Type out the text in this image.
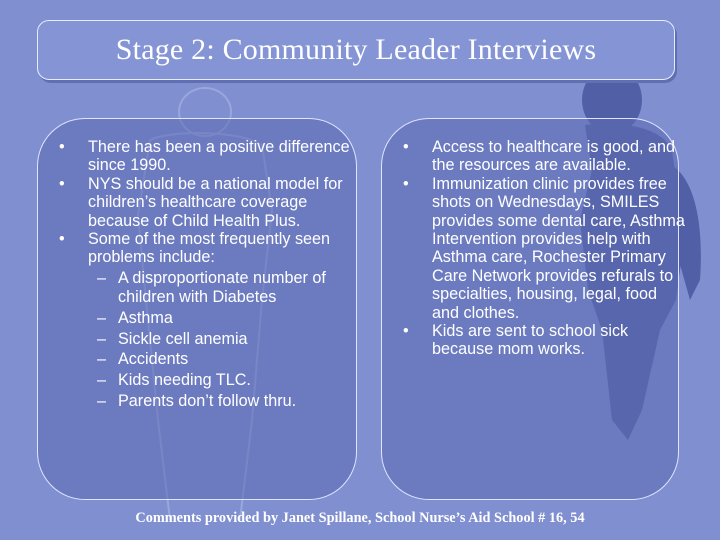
Stage 2: Community Leader Interviews
• There has been a positive difference since 1990.
• NYS should be a national model for children’s healthcare coverage because of Child Health Plus.
• Some of the most frequently seen problems include:
– A disproportionate number of children with Diabetes
– Asthma
– Sickle cell anemia
– Accidents
– Kids needing TLC.
– Parents don’t follow thru.
• Access to healthcare is good, and the resources are available.
• Immunization clinic provides free shots on Wednesdays, SMILES provides some dental care, Asthma Intervention provides help with Asthma care, Rochester Primary Care Network provides refurals to specialties, housing, legal, food and clothes.
• Kids are sent to school sick because mom works.
Comments provided by Janet Spillane, School Nurse’s Aid School # 16, 54
